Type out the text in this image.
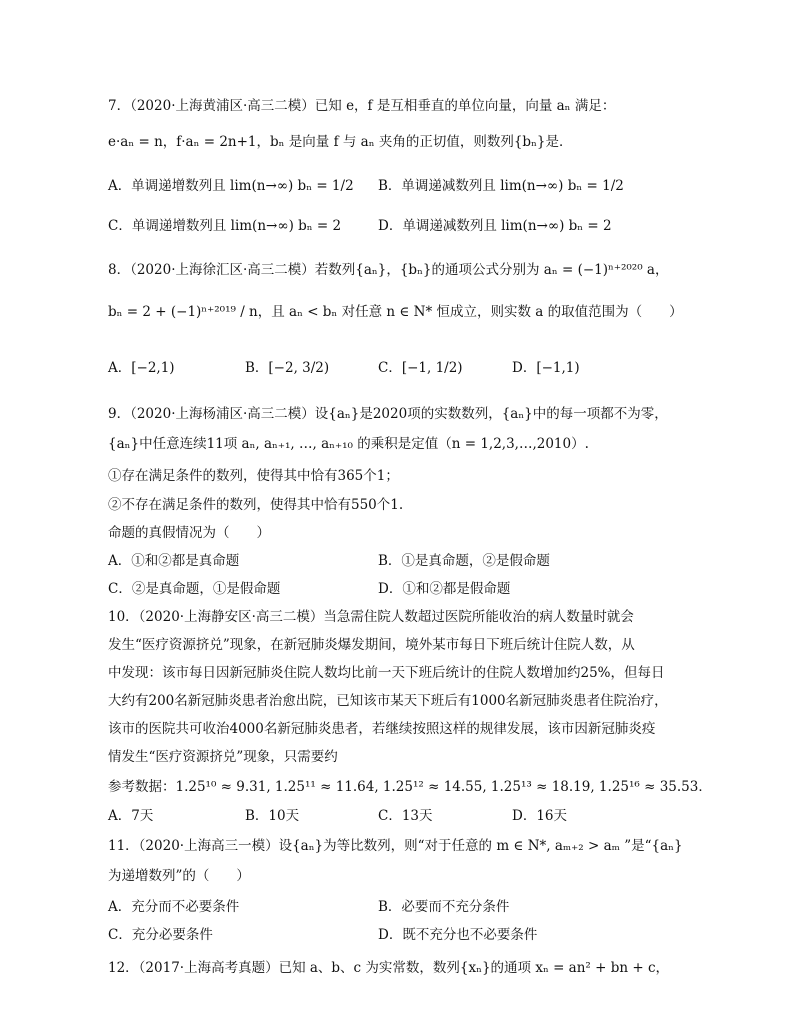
7．（2020·上海黄浦区·高三二模）已知 e，f 是互相垂直的单位向量，向量 aₙ 满足：
e·aₙ = n，f·aₙ = 2n+1，bₙ 是向量 f 与 aₙ 夹角的正切值，则数列{bₙ}是．
A．单调递增数列且 lim(n→∞) bₙ = 1/2 B．单调递减数列且 lim(n→∞) bₙ = 1/2
C．单调递增数列且 lim(n→∞) bₙ = 2	D．单调递减数列且 lim(n→∞) bₙ = 2
8．（2020·上海徐汇区·高三二模）若数列{aₙ}，{bₙ}的通项公式分别为 aₙ = (−1)ⁿ⁺²⁰²⁰ a，
bₙ = 2 + (−1)ⁿ⁺²⁰¹⁹ / n，且 aₙ < bₙ 对任意 n ∈ N* 恒成立，则实数 a 的取值范围为（　　）
A．[−2,1)	B．[−2, 3/2)	C．[−1, 1/2)	D．[−1,1)
9．（2020·上海杨浦区·高三二模）设{aₙ}是2020项的实数数列，{aₙ}中的每一项都不为零，
{aₙ}中任意连续11项 aₙ, aₙ₊₁, …, aₙ₊₁₀ 的乘积是定值（n = 1,2,3,…,2010）.
①存在满足条件的数列，使得其中恰有365个1；
②不存在满足条件的数列，使得其中恰有550个1.
命题的真假情况为（　　）
A．①和②都是真命题	B．①是真命题，②是假命题
C．②是真命题，①是假命题	D．①和②都是假命题
10．（2020·上海静安区·高三二模）当急需住院人数超过医院所能收治的病人数量时就会
发生“医疗资源挤兑”现象，在新冠肺炎爆发期间，境外某市每日下班后统计住院人数，从
中发现：该市每日因新冠肺炎住院人数均比前一天下班后统计的住院人数增加约25%，但每日
大约有200名新冠肺炎患者治愈出院，已知该市某天下班后有1000名新冠肺炎患者住院治疗，
该市的医院共可收治4000名新冠肺炎患者，若继续按照这样的规律发展，该市因新冠肺炎疫
情发生“医疗资源挤兑”现象，只需要约
参考数据：1.25¹⁰ ≈ 9.31, 1.25¹¹ ≈ 11.64, 1.25¹² ≈ 14.55, 1.25¹³ ≈ 18.19, 1.25¹⁶ ≈ 35.53．
A．7天	B．10天	C．13天	D．16天
11．（2020·上海高三一模）设{aₙ}为等比数列，则“对于任意的 m ∈ N*, aₘ₊₂ > aₘ ”是“{aₙ}
为递增数列”的（　　）
A．充分而不必要条件	B．必要而不充分条件
C．充分必要条件	D．既不充分也不必要条件
12．（2017·上海高考真题）已知 a、b、c 为实常数，数列{xₙ}的通项 xₙ = an² + bn + c，
